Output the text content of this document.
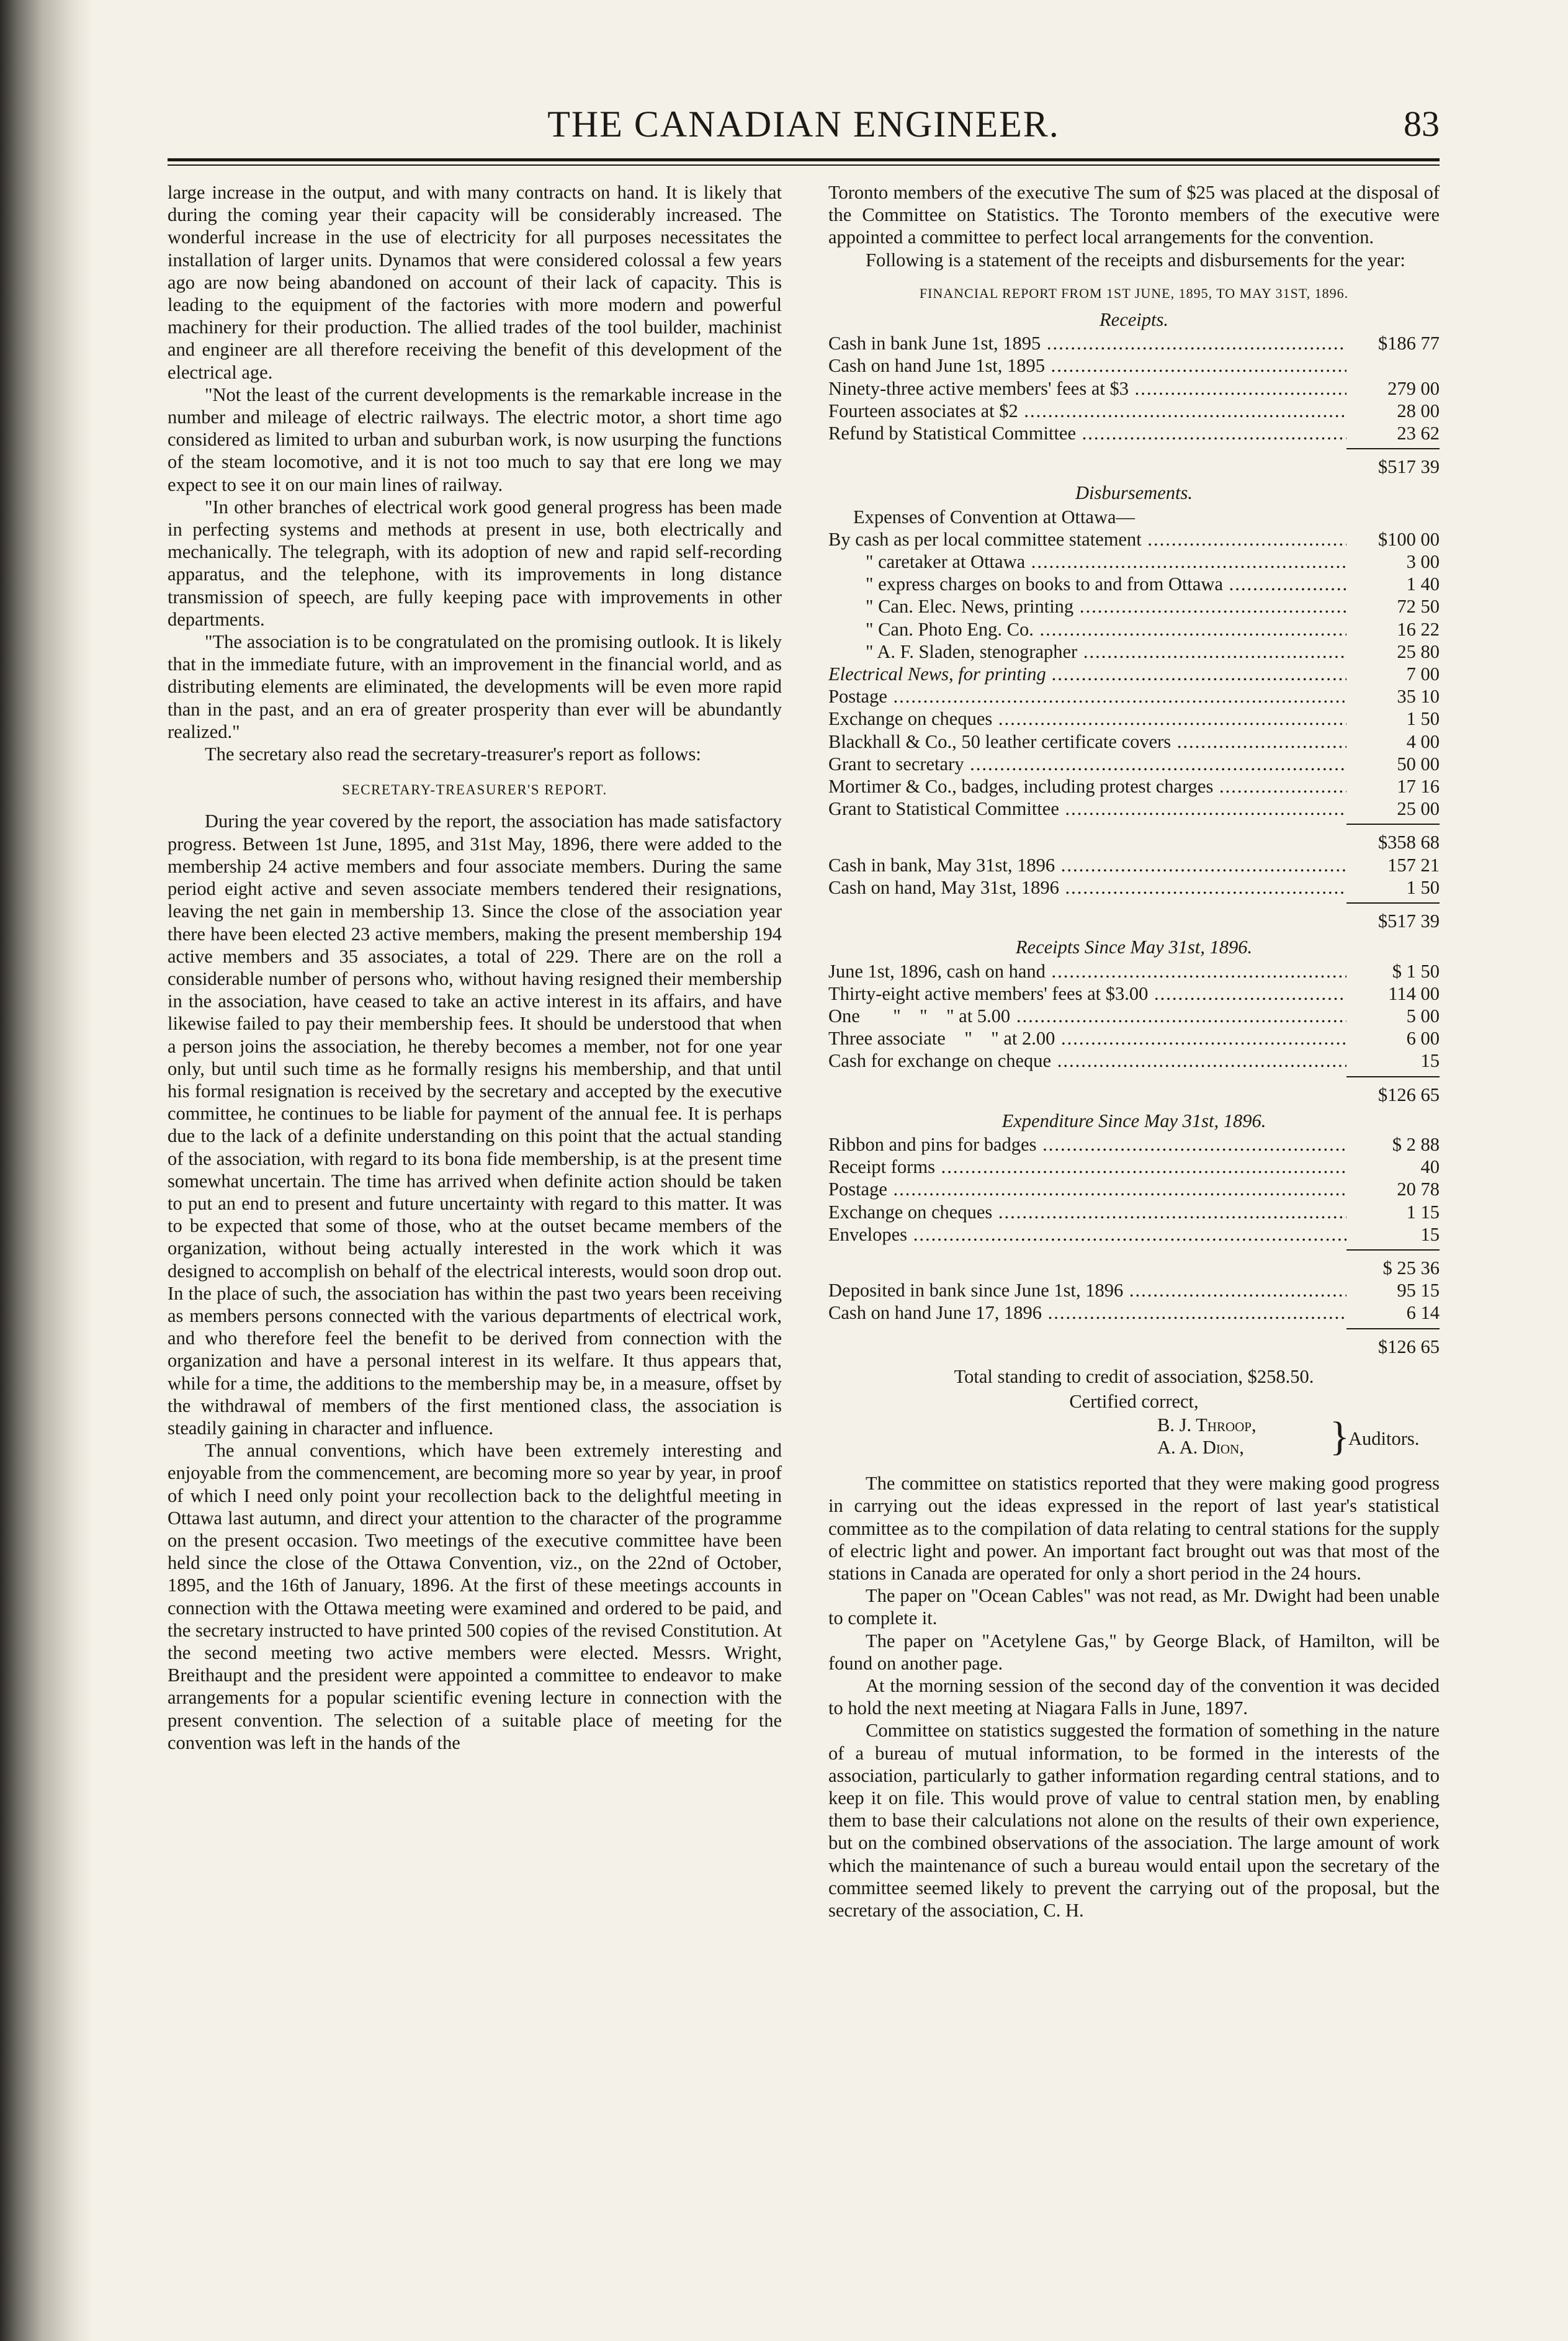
THE CANADIAN ENGINEER.	83

large increase in the output, and with many contracts on hand. It is likely that during the coming year their capacity will be considerably increased. The wonderful increase in the use of electricity for all purposes necessitates the installation of larger units. Dynamos that were considered colossal a few years ago are now being abandoned on account of their lack of capacity. This is leading to the equipment of the factories with more modern and powerful machinery for their production. The allied trades of the tool builder, machinist and engineer are all therefore receiving the benefit of this development of the electrical age.

"Not the least of the current developments is the remarkable increase in the number and mileage of electric railways. The electric motor, a short time ago considered as limited to urban and suburban work, is now usurping the functions of the steam locomotive, and it is not too much to say that ere long we may expect to see it on our main lines of railway.

"In other branches of electrical work good general progress has been made in perfecting systems and methods at present in use, both electrically and mechanically. The telegraph, with its adoption of new and rapid self-recording apparatus, and the telephone, with its improvements in long distance transmission of speech, are fully keeping pace with improvements in other departments.

"The association is to be congratulated on the promising outlook. It is likely that in the immediate future, with an improvement in the financial world, and as distributing elements are eliminated, the developments will be even more rapid than in the past, and an era of greater prosperity than ever will be abundantly realized."

The secretary also read the secretary-treasurer's report as follows:

SECRETARY-TREASURER'S REPORT.

During the year covered by the report, the association has made satisfactory progress. Between 1st June, 1895, and 31st May, 1896, there were added to the membership 24 active members and four associate members. During the same period eight active and seven associate members tendered their resignations, leaving the net gain in membership 13. Since the close of the association year there have been elected 23 active members, making the present membership 194 active members and 35 associates, a total of 229. There are on the roll a considerable number of persons who, without having resigned their membership in the association, have ceased to take an active interest in its affairs, and have likewise failed to pay their membership fees. It should be understood that when a person joins the association, he thereby becomes a member, not for one year only, but until such time as he formally resigns his membership, and that until his formal resignation is received by the secretary and accepted by the executive committee, he continues to be liable for payment of the annual fee. It is perhaps due to the lack of a definite understanding on this point that the actual standing of the association, with regard to its bona fide membership, is at the present time somewhat uncertain. The time has arrived when definite action should be taken to put an end to present and future uncertainty with regard to this matter. It was to be expected that some of those, who at the outset became members of the organization, without being actually interested in the work which it was designed to accomplish on behalf of the electrical interests, would soon drop out. In the place of such, the association has within the past two years been receiving as members persons connected with the various departments of electrical work, and who therefore feel the benefit to be derived from connection with the organization and have a personal interest in its welfare. It thus appears that, while for a time, the additions to the membership may be, in a measure, offset by the withdrawal of members of the first mentioned class, the association is steadily gaining in character and influence.

The annual conventions, which have been extremely interesting and enjoyable from the commencement, are becoming more so year by year, in proof of which I need only point your recollection back to the delightful meeting in Ottawa last autumn, and direct your attention to the character of the programme on the present occasion. Two meetings of the executive committee have been held since the close of the Ottawa Convention, viz., on the 22nd of October, 1895, and the 16th of January, 1896. At the first of these meetings accounts in connection with the Ottawa meeting were examined and ordered to be paid, and the secretary instructed to have printed 500 copies of the revised Constitution. At the second meeting two active members were elected. Messrs. Wright, Breithaupt and the president were appointed a committee to endeavor to make arrangements for a popular scientific evening lecture in connection with the present convention. The selection of a suitable place of meeting for the convention was left in the hands of the

Toronto members of the executive The sum of $25 was placed at the disposal of the Committee on Statistics. The Toronto members of the executive were appointed a committee to perfect local arrangements for the convention.

Following is a statement of the receipts and disbursements for the year:

FINANCIAL REPORT FROM 1ST JUNE, 1895, TO MAY 31ST, 1896.
Receipts.
Cash in bank June 1st, 1895 .....	$186 77
Cash on hand June 1st, 1895 .....
Ninety-three active members' fees at $3 .....	279 00
Fourteen associates at $2 .....	28 00
Refund by Statistical Committee .....	23 62
$517 39
Disbursements.
Expenses of Convention at Ottawa—
By cash as per local committee statement .....	$100 00
" caretaker at Ottawa .....	3 00
" express charges on books to and from Ottawa .....	1 40
" Can. Elec. News, printing .....	72 50
" Can. Photo Eng. Co. .....	16 22
" A. F. Sladen, stenographer .....	25 80
Electrical News, for printing .....	7 00
Postage .....	35 10
Exchange on cheques .....	1 50
Blackhall & Co., 50 leather certificate covers .....	4 00
Grant to secretary .....	50 00
Mortimer & Co., badges, including protest charges .....	17 16
Grant to Statistical Committee .....	25 00
$358 68
Cash in bank, May 31st, 1896 .....	157 21
Cash on hand, May 31st, 1896 .....	1 50
$517 39
Receipts Since May 31st, 1896.
June 1st, 1896, cash on hand .....	$ 1 50
Thirty-eight active members' fees at $3.00 .....	114 00
One       "    "    " at 5.00 .....	5 00
Three associate    "    " at 2.00 .....	6 00
Cash for exchange on cheque .....	15
$126 65
Expenditure Since May 31st, 1896.
Ribbon and pins for badges .....	$ 2 88
Receipt forms .....	40
Postage .....	20 78
Exchange on cheques .....	1 15
Envelopes .....	15
$ 25 36
Deposited in bank since June 1st, 1896 .....	95 15
Cash on hand June 17, 1896 .....	6 14
$126 65
Total standing to credit of association, $258.50.
Certified correct,
B. J. Throop,
A. A. Dion, }
Auditors.

The committee on statistics reported that they were making good progress in carrying out the ideas expressed in the report of last year's statistical committee as to the compilation of data relating to central stations for the supply of electric light and power. An important fact brought out was that most of the stations in Canada are operated for only a short period in the 24 hours.

The paper on "Ocean Cables" was not read, as Mr. Dwight had been unable to complete it.

The paper on "Acetylene Gas," by George Black, of Hamilton, will be found on another page.

At the morning session of the second day of the convention it was decided to hold the next meeting at Niagara Falls in June, 1897.

Committee on statistics suggested the formation of something in the nature of a bureau of mutual information, to be formed in the interests of the association, particularly to gather information regarding central stations, and to keep it on file. This would prove of value to central station men, by enabling them to base their calculations not alone on the results of their own experience, but on the combined observations of the association. The large amount of work which the maintenance of such a bureau would entail upon the secretary of the committee seemed likely to prevent the carrying out of the proposal, but the secretary of the association, C. H.
